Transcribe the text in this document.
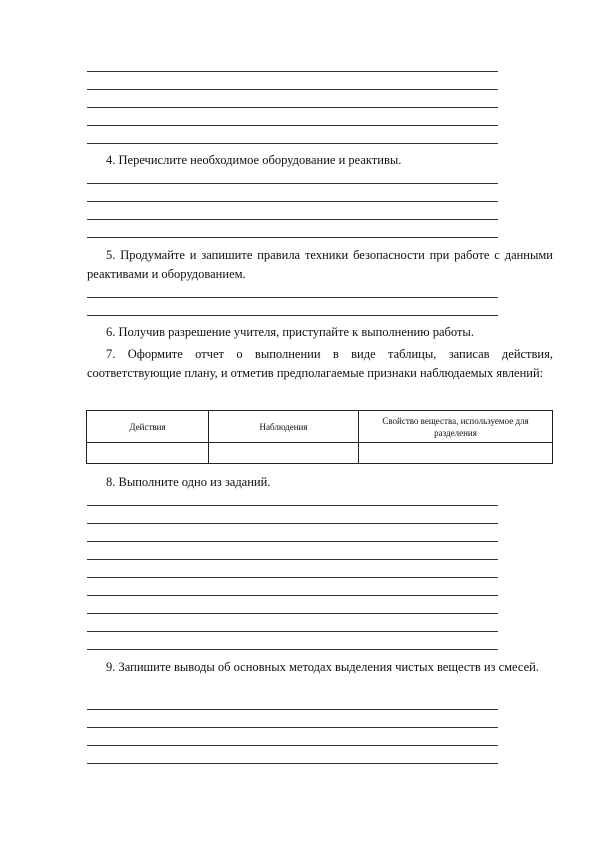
4. Перечислите необходимое оборудование и реактивы.

5. Продумайте и запишите правила техники безопасности при работе с данными реактивами и оборудованием.

6. Получив разрешение учителя, приступайте к выполнению работы.

7. Оформите отчет о выполнении в виде таблицы, записав действия, соответствующие плану, и отметив предполагаемые признаки наблюдаемых явлений:

Действия	Наблюдения	Свойство вещества, используемое для разделения

8. Выполните одно из заданий.

9. Запишите выводы об основных методах выделения чистых веществ из смесей.
